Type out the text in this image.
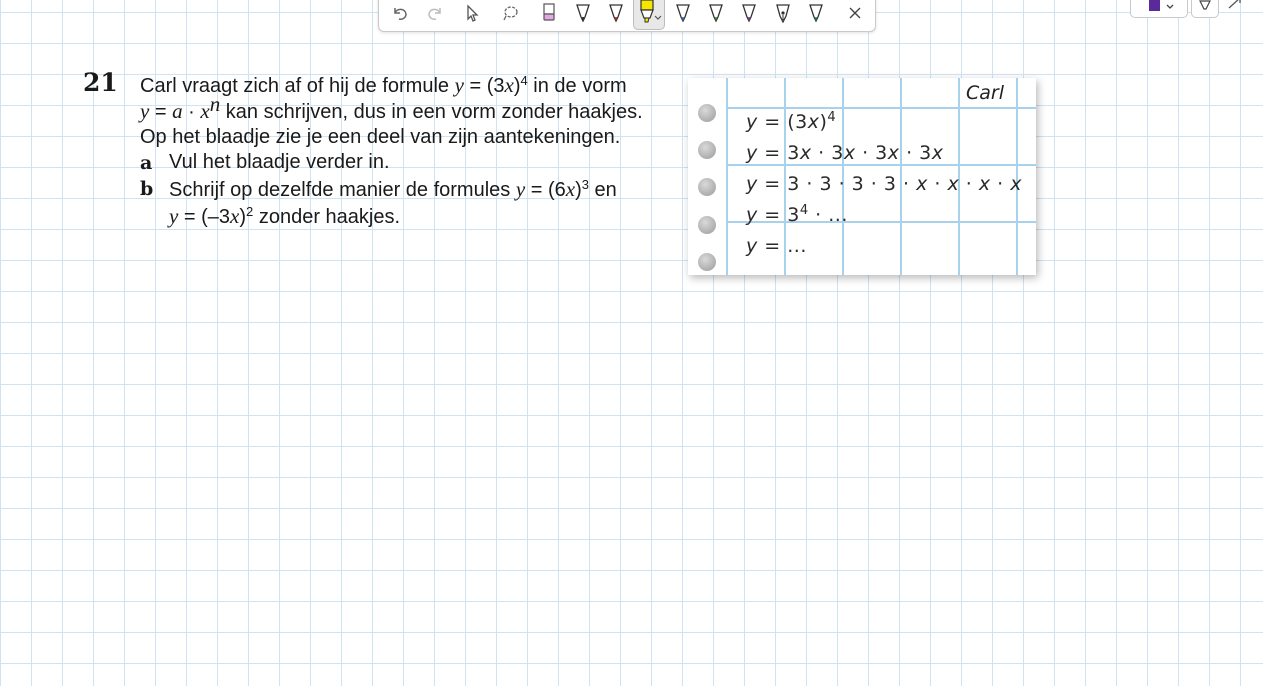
21 Carl vraagt zich af of hij de formule $y = (3x)^4$ in de vorm
$y = a \cdot x^n$ kan schrijven, dus in een vorm zonder haakjes.
Op het blaadje zie je een deel van zijn aantekeningen.
a Vul het blaadje verder in.
b Schrijf op dezelfde manier de formules $y = (6x)^3$ en
$y = (-3x)^2$ zonder haakjes.
Carl
$y = (3x)^4$
y = 3x · 3x · 3x · 3x
y = 3 · 3 · 3 · 3 · x · x · x · x
$y = 3^4$ · ...
y = ...
